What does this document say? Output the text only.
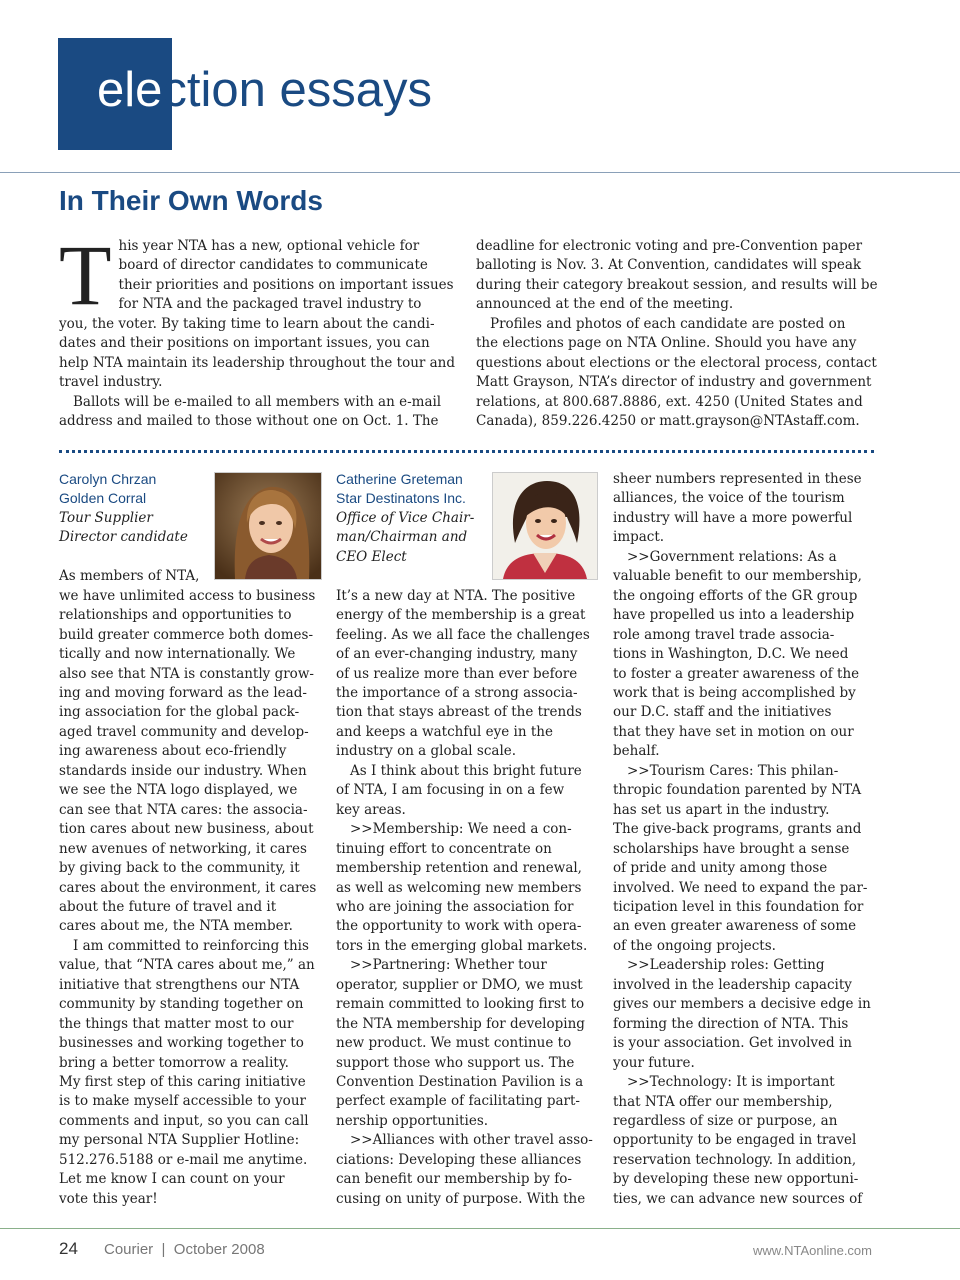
election essays
In Their Own Words
T his year NTA has a new, optional vehicle for
board of director candidates to communicate
their priorities and positions on important issues
for NTA and the packaged travel industry to
you, the voter. By taking time to learn about the candi-
dates and their positions on important issues, you can
help NTA maintain its leadership throughout the tour and
travel industry.
Ballots will be e-mailed to all members with an e-mail
address and mailed to those without one on Oct. 1. The
deadline for electronic voting and pre-Convention paper
balloting is Nov. 3. At Convention, candidates will speak
during their category breakout session, and results will be
announced at the end of the meeting.
Profiles and photos of each candidate are posted on
the elections page on NTA Online. Should you have any
questions about elections or the electoral process, contact
Matt Grayson, NTA’s director of industry and government
relations, at 800.687.8886, ext. 4250 (United States and
Canada), 859.226.4250 or matt.grayson@NTAstaff.com.
Carolyn Chrzan
Golden Corral
Tour Supplier
Director candidate
As members of NTA,
we have unlimited access to business
relationships and opportunities to
build greater commerce both domes-
tically and now internationally. We
also see that NTA is constantly grow-
ing and moving forward as the lead-
ing association for the global pack-
aged travel community and develop-
ing awareness about eco-friendly
standards inside our industry. When
we see the NTA logo displayed, we
can see that NTA cares: the associa-
tion cares about new business, about
new avenues of networking, it cares
by giving back to the community, it
cares about the environment, it cares
about the future of travel and it
cares about me, the NTA member.
I am committed to reinforcing this
value, that “NTA cares about me,” an
initiative that strengthens our NTA
community by standing together on
the things that matter most to our
businesses and working together to
bring a better tomorrow a reality.
My first step of this caring initiative
is to make myself accessible to your
comments and input, so you can call
my personal NTA Supplier Hotline:
512.276.5188 or e-mail me anytime.
Let me know I can count on your
vote this year!
Catherine Greteman
Star Destinatons Inc.
Office of Vice Chair-
man/Chairman and
CEO Elect
It’s a new day at NTA. The positive
energy of the membership is a great
feeling. As we all face the challenges
of an ever-changing industry, many
of us realize more than ever before
the importance of a strong associa-
tion that stays abreast of the trends
and keeps a watchful eye in the
industry on a global scale.
As I think about this bright future
of NTA, I am focusing in on a few
key areas.
>>Membership: We need a con-
tinuing effort to concentrate on
membership retention and renewal,
as well as welcoming new members
who are joining the association for
the opportunity to work with opera-
tors in the emerging global markets.
>>Partnering: Whether tour
operator, supplier or DMO, we must
remain committed to looking first to
the NTA membership for developing
new product. We must continue to
support those who support us. The
Convention Destination Pavilion is a
perfect example of facilitating part-
nership opportunities.
>>Alliances with other travel asso-
ciations: Developing these alliances
can benefit our membership by fo-
cusing on unity of purpose. With the
sheer numbers represented in these
alliances, the voice of the tourism
industry will have a more powerful
impact.
>>Government relations: As a
valuable benefit to our membership,
the ongoing efforts of the GR group
have propelled us into a leadership
role among travel trade associa-
tions in Washington, D.C. We need
to foster a greater awareness of the
work that is being accomplished by
our D.C. staff and the initiatives
that they have set in motion on our
behalf.
>>Tourism Cares: This philan-
thropic foundation parented by NTA
has set us apart in the industry.
The give-back programs, grants and
scholarships have brought a sense
of pride and unity among those
involved. We need to expand the par-
ticipation level in this foundation for
an even greater awareness of some
of the ongoing projects.
>>Leadership roles: Getting
involved in the leadership capacity
gives our members a decisive edge in
forming the direction of NTA. This
is your association. Get involved in
your future.
>>Technology: It is important
that NTA offer our membership,
regardless of size or purpose, an
opportunity to be engaged in travel
reservation technology. In addition,
by developing these new opportuni-
ties, we can advance new sources of
24 Courier | October 2008	www.NTAonline.com
